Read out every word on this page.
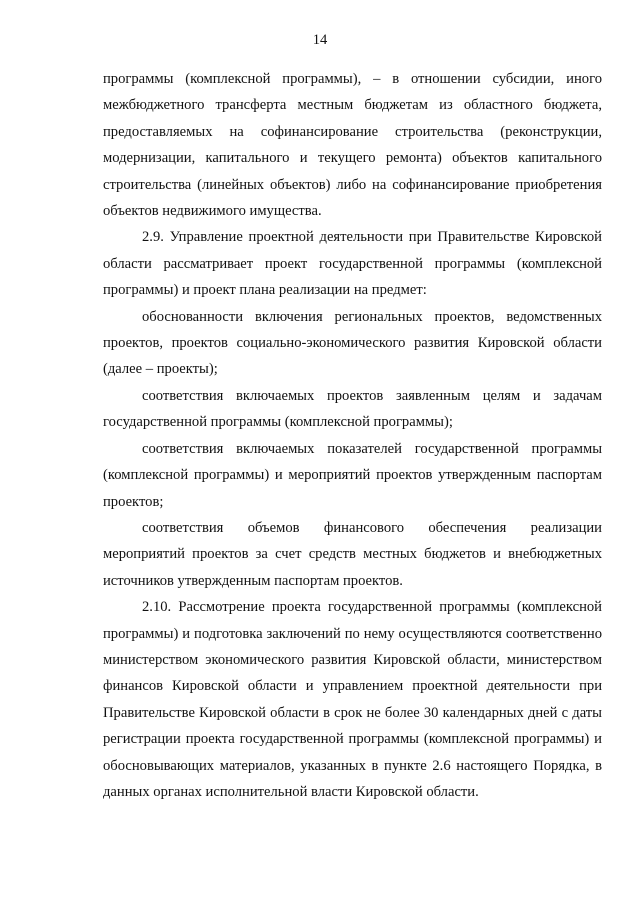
14

программы (комплексной программы), – в отношении субсидии, иного межбюджетного трансферта местным бюджетам из областного бюджета, предоставляемых на софинансирование строительства (реконструкции, модернизации, капитального и текущего ремонта) объектов капитального строительства (линейных объектов) либо на софинансирование приобретения объектов недвижимого имущества.

2.9. Управление проектной деятельности при Правительстве Кировской области рассматривает проект государственной программы (комплексной программы) и проект плана реализации на предмет:

обоснованности включения региональных проектов, ведомственных проектов, проектов социально-экономического развития Кировской области (далее – проекты);

соответствия включаемых проектов заявленным целям и задачам государственной программы (комплексной программы);

соответствия включаемых показателей государственной программы (комплексной программы) и мероприятий проектов утвержденным паспортам проектов;

соответствия объемов финансового обеспечения реализации мероприятий проектов за счет средств местных бюджетов и внебюджетных источников утвержденным паспортам проектов.

2.10. Рассмотрение проекта государственной программы (комплексной программы) и подготовка заключений по нему осуществляются соответственно министерством экономического развития Кировской области, министерством финансов Кировской области и управлением проектной деятельности при Правительстве Кировской области в срок не более 30 календарных дней с даты регистрации проекта государственной программы (комплексной программы) и обосновывающих материалов, указанных в пункте 2.6 настоящего Порядка, в данных органах исполнительной власти Кировской области.
